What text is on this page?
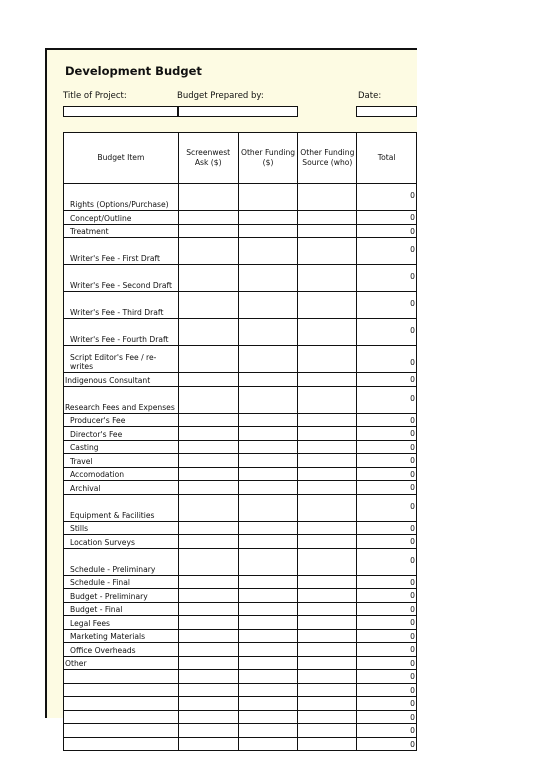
Development Budget
Title of Project:	Budget Prepared by:	Date:
Budget Item	Screenwest Ask ($)	Other Funding ($)	Other Funding Source (who)	Total
Rights (Options/Purchase)				0
Concept/Outline				0
Treatment				0
Writer's Fee - First Draft				0
Writer's Fee - Second Draft				0
Writer's Fee - Third Draft				0
Writer's Fee - Fourth Draft				0
Script Editor's Fee / re-writes				0
Indigenous Consultant				0
Research Fees and Expenses				0
Producer's Fee				0
Director's Fee				0
Casting				0
Travel				0
Accomodation				0
Archival				0
Equipment & Facilities				0
Stills				0
Location Surveys				0
Schedule - Preliminary				0
Schedule - Final				0
Budget - Preliminary				0
Budget - Final				0
Legal Fees				0
Marketing Materials				0
Office Overheads				0
Other				0
				0
				0
				0
				0
				0
				0
